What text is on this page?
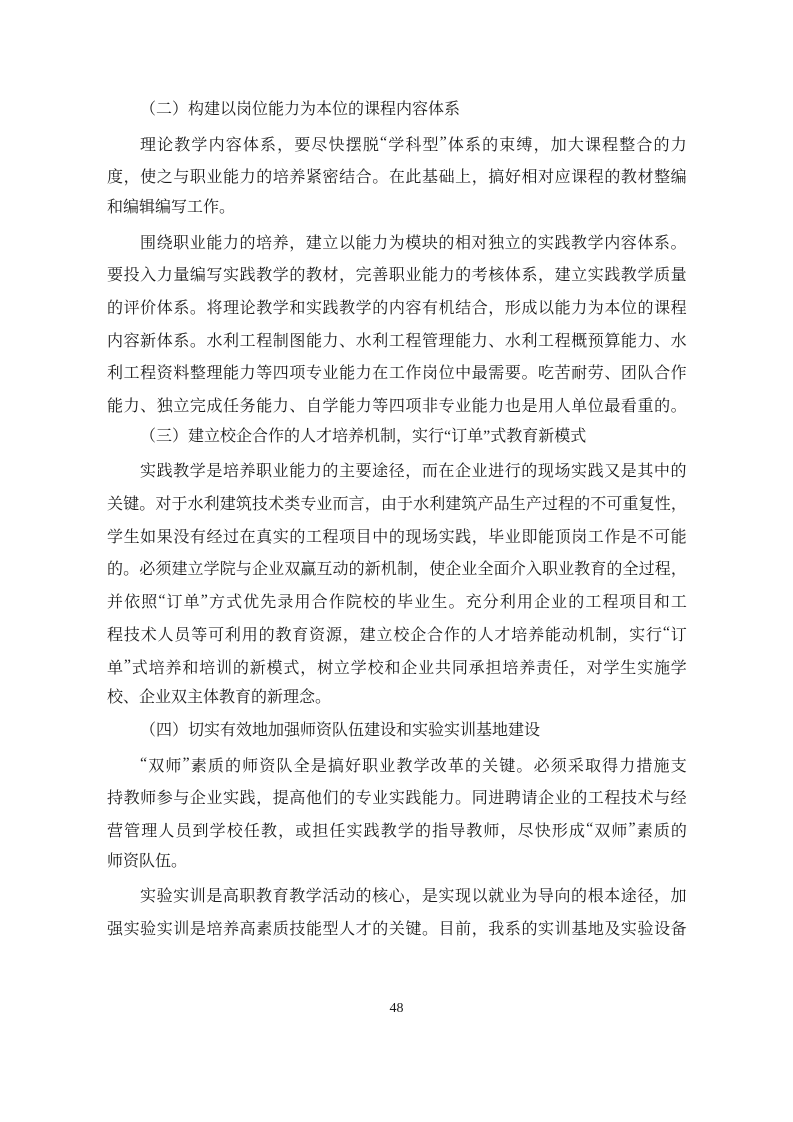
（二）构建以岗位能力为本位的课程内容体系
理 论 教 学 内 容 体 系 ， 要 尽 快 摆 脱 “ 学 科 型 ” 体 系 的 束 缚 ， 加 大 课 程 整 合 的 力
度 ， 使 之 与 职 业 能 力 的 培 养 紧 密 结 合 。 在 此 基 础 上 ， 搞 好 相 对 应 课 程 的 教 材 整 编
和编辑编写工作。
围 绕 职 业 能 力 的 培 养 ， 建 立 以 能 力 为 模 块 的 相 对 独 立 的 实 践 教 学 内 容 体 系 。
要 投 入 力 量 编 写 实 践 教 学 的 教 材 ， 完 善 职 业 能 力 的 考 核 体 系 ， 建 立 实 践 教 学 质 量
的 评 价 体 系 。 将 理 论 教 学 和 实 践 教 学 的 内 容 有 机 结 合 ， 形 成 以 能 力 为 本 位 的 课 程
内 容 新 体 系 。 水 利 工 程 制 图 能 力 、 水 利 工 程 管 理 能 力 、 水 利 工 程 概 预 算 能 力 、 水
利 工 程 资 料 整 理 能 力 等 四 项 专 业 能 力 在 工 作 岗 位 中 最 需 要 。 吃 苦 耐 劳 、 团 队 合 作
能 力 、 独 立 完 成 任 务 能 力 、 自 学 能 力 等 四 项 非 专 业 能 力 也 是 用 人 单 位 最 看 重 的 。
（三）建立校企合作的人才培养机制，实行“订单”式教育新模式
实 践 教 学 是 培 养 职 业 能 力 的 主 要 途 径 ， 而 在 企 业 进 行 的 现 场 实 践 又 是 其 中 的
关 键 。 对 于 水 利 建 筑 技 术 类 专 业 而 言 ， 由 于 水 利 建 筑 产 品 生 产 过 程 的 不 可 重 复 性 ，
学 生 如 果 没 有 经 过 在 真 实 的 工 程 项 目 中 的 现 场 实 践 ， 毕 业 即 能 顶 岗 工 作 是 不 可 能
的 。 必 须 建 立 学 院 与 企 业 双 赢 互 动 的 新 机 制 ， 使 企 业 全 面 介 入 职 业 教 育 的 全 过 程 ，
并 依 照 “ 订 单 ” 方 式 优 先 录 用 合 作 院 校 的 毕 业 生 。 充 分 利 用 企 业 的 工 程 项 目 和 工
程 技 术 人 员 等 可 利 用 的 教 育 资 源 ， 建 立 校 企 合 作 的 人 才 培 养 能 动 机 制 ， 实 行 “ 订
单 ” 式 培 养 和 培 训 的 新 模 式 ， 树 立 学 校 和 企 业 共 同 承 担 培 养 责 任 ， 对 学 生 实 施 学
校、企业双主体教育的新理念。
（四）切实有效地加强师资队伍建设和实验实训基地建设
“ 双 师 ” 素 质 的 师 资 队 全 是 搞 好 职 业 教 学 改 革 的 关 键 。 必 须 采 取 得 力 措 施 支
持 教 师 参 与 企 业 实 践 ， 提 高 他 们 的 专 业 实 践 能 力 。 同 进 聘 请 企 业 的 工 程 技 术 与 经
营 管 理 人 员 到 学 校 任 教 ， 或 担 任 实 践 教 学 的 指 导 教 师 ， 尽 快 形 成 “ 双 师 ” 素 质 的
师资队伍。
实 验 实 训 是 高 职 教 育 教 学 活 动 的 核 心 ， 是 实 现 以 就 业 为 导 向 的 根 本 途 径 ， 加
强 实 验 实 训 是 培 养 高 素 质 技 能 型 人 才 的 关 键 。 目 前 ， 我 系 的 实 训 基 地 及 实 验 设 备
48
